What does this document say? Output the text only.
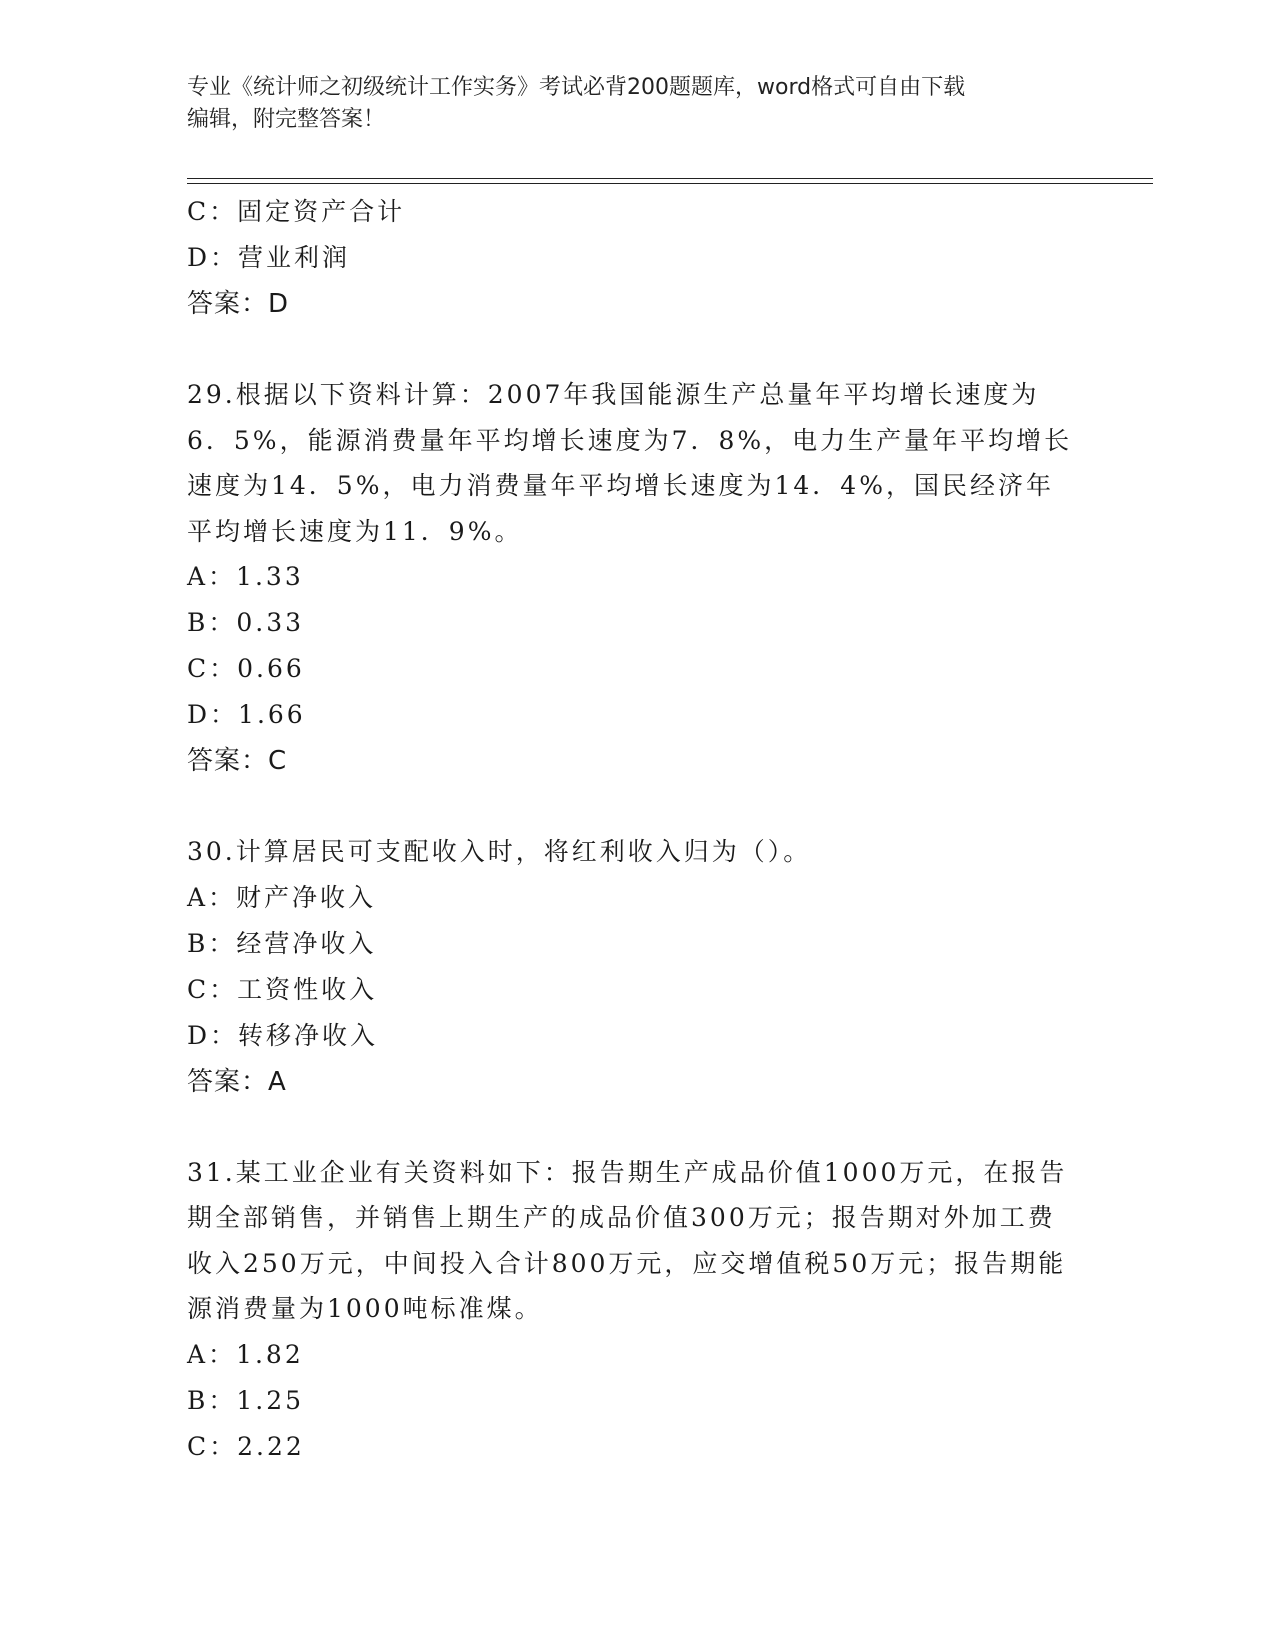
专业《统计师之初级统计工作实务》考试必背200题题库，word格式可自由下载
编辑，附完整答案！
C：固定资产合计
D：营业利润
答案：D
29.根据以下资料计算：2007年我国能源生产总量年平均增长速度为6．5%，能源消费量年平均增长速度为7．8%，电力生产量年平均增长速度为14．5%，电力消费量年平均增长速度为14．4%，国民经济年平均增长速度为11．9%。
A：1.33
B：0.33
C：0.66
D：1.66
答案：C
30.计算居民可支配收入时，将红利收入归为（）。
A：财产净收入
B：经营净收入
C：工资性收入
D：转移净收入
答案：A
31.某工业企业有关资料如下：报告期生产成品价值1000万元，在报告期全部销售，并销售上期生产的成品价值300万元；报告期对外加工费收入250万元，中间投入合计800万元，应交增值税50万元；报告期能源消费量为1000吨标准煤。
A：1.82
B：1.25
C：2.22
